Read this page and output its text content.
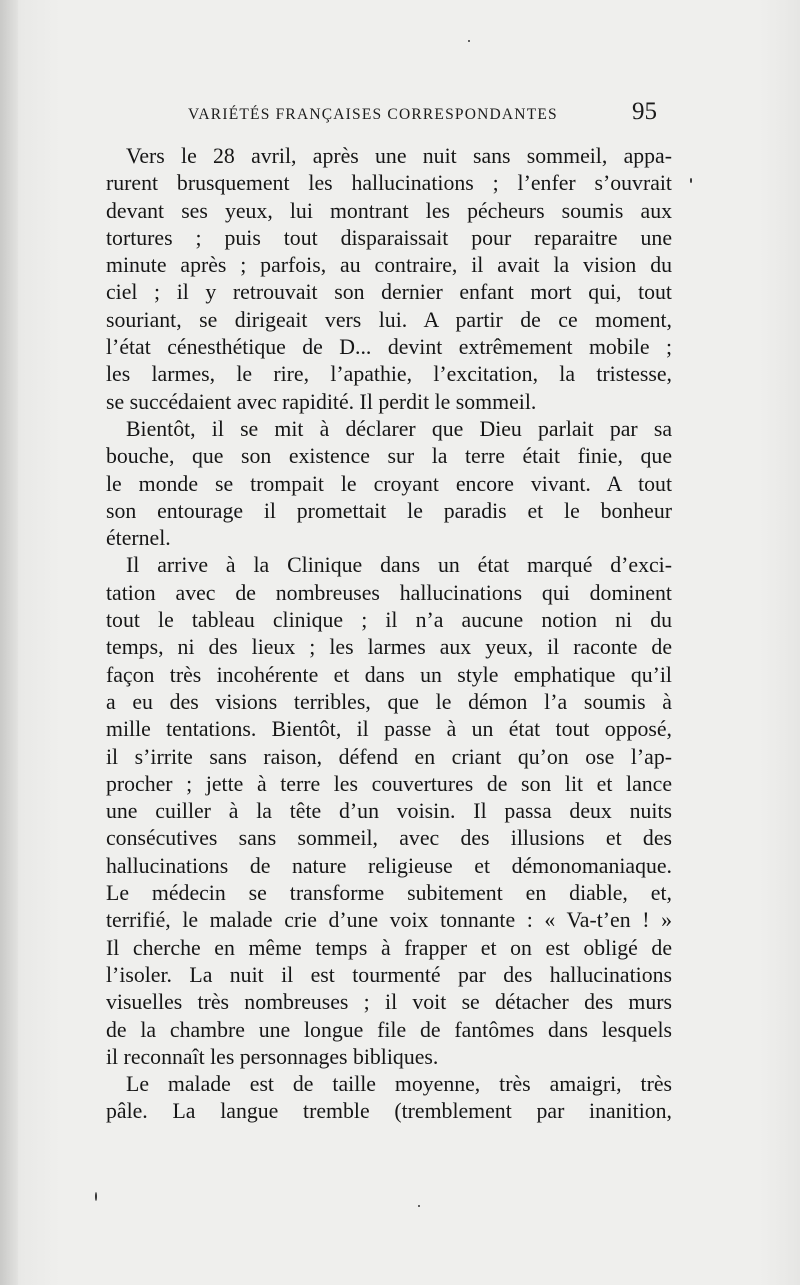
VARIÉTÉS FRANÇAISES CORRESPONDANTES	95
Vers le 28 avril, après une nuit sans sommeil, appa-
rurent brusquement les hallucinations ; l’enfer s’ouvrait
devant ses yeux, lui montrant les pécheurs soumis aux
tortures ; puis tout disparaissait pour reparaitre une
minute après ; parfois, au contraire, il avait la vision du
ciel ; il y retrouvait son dernier enfant mort qui, tout
souriant, se dirigeait vers lui. A partir de ce moment,
l’état cénesthétique de D... devint extrêmement mobile ;
les larmes, le rire, l’apathie, l’excitation, la tristesse,
se succédaient avec rapidité. Il perdit le sommeil.
Bientôt, il se mit à déclarer que Dieu parlait par sa
bouche, que son existence sur la terre était finie, que
le monde se trompait le croyant encore vivant. A tout
son entourage il promettait le paradis et le bonheur
éternel.
Il arrive à la Clinique dans un état marqué d’exci-
tation avec de nombreuses hallucinations qui dominent
tout le tableau clinique ; il n’a aucune notion ni du
temps, ni des lieux ; les larmes aux yeux, il raconte de
façon très incohérente et dans un style emphatique qu’il
a eu des visions terribles, que le démon l’a soumis à
mille tentations. Bientôt, il passe à un état tout opposé,
il s’irrite sans raison, défend en criant qu’on ose l’ap-
procher ; jette à terre les couvertures de son lit et lance
une cuiller à la tête d’un voisin. Il passa deux nuits
consécutives sans sommeil, avec des illusions et des
hallucinations de nature religieuse et démonomaniaque.
Le médecin se transforme subitement en diable, et,
terrifié, le malade crie d’une voix tonnante : « Va-t’en ! »
Il cherche en même temps à frapper et on est obligé de
l’isoler. La nuit il est tourmenté par des hallucinations
visuelles très nombreuses ; il voit se détacher des murs
de la chambre une longue file de fantômes dans lesquels
il reconnaît les personnages bibliques.
Le malade est de taille moyenne, très amaigri, très
pâle. La langue tremble (tremblement par inanition,
